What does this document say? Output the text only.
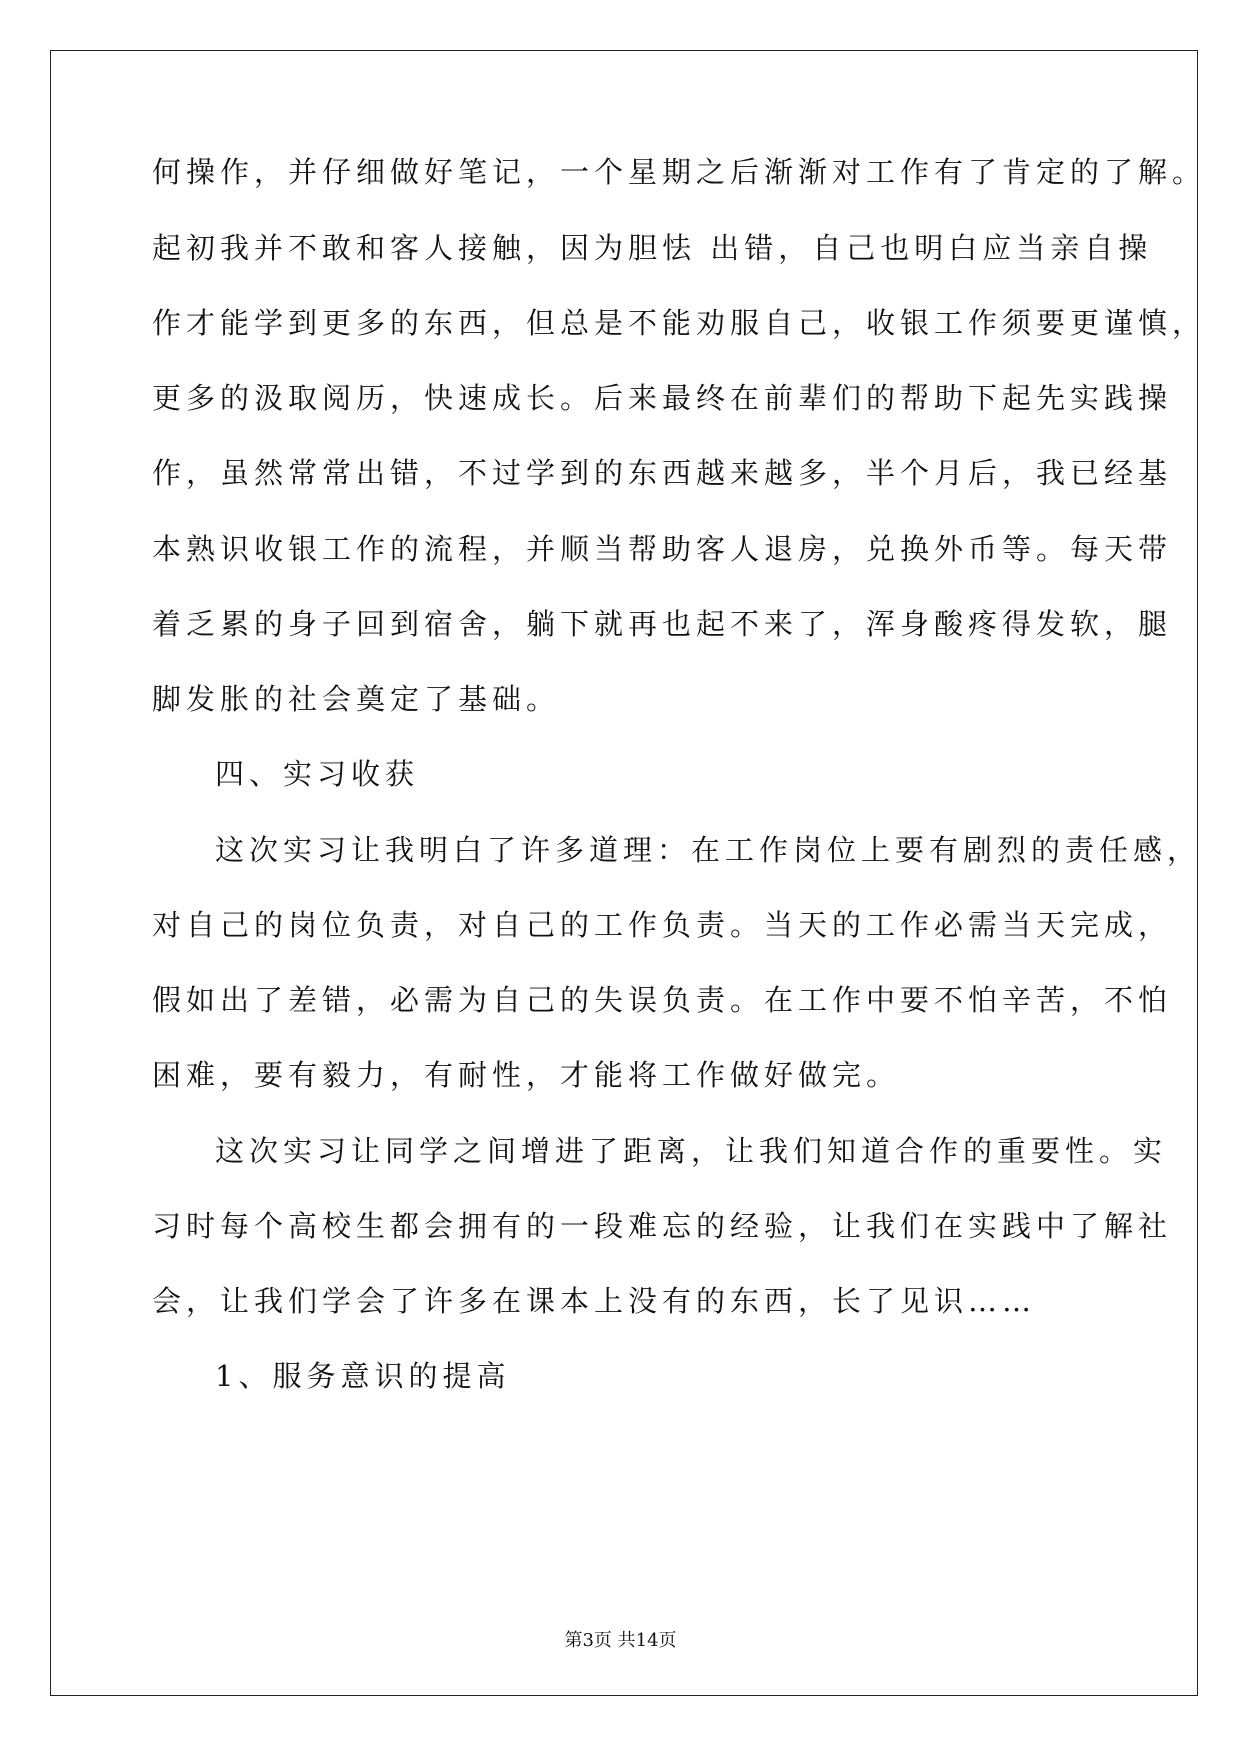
何操作，并仔细做好笔记，一个星期之后渐渐对工作有了肯定的了解。
起初我并不敢和客人接触，因为胆怯 出错，自己也明白应当亲自操
作才能学到更多的东西，但总是不能劝服自己，收银工作须要更谨慎，
更多的汲取阅历，快速成长。后来最终在前辈们的帮助下起先实践操
作，虽然常常出错，不过学到的东西越来越多，半个月后，我已经基
本熟识收银工作的流程，并顺当帮助客人退房，兑换外币等。每天带
着乏累的身子回到宿舍，躺下就再也起不来了，浑身酸疼得发软，腿
脚发胀的社会奠定了基础。
四、实习收获
这次实习让我明白了许多道理：在工作岗位上要有剧烈的责任感，
对自己的岗位负责，对自己的工作负责。当天的工作必需当天完成，
假如出了差错，必需为自己的失误负责。在工作中要不怕辛苦，不怕
困难，要有毅力，有耐性，才能将工作做好做完。
这次实习让同学之间增进了距离，让我们知道合作的重要性。实
习时每个高校生都会拥有的一段难忘的经验，让我们在实践中了解社
会，让我们学会了许多在课本上没有的东西，长了见识……
1、服务意识的提高
第3页 共14页
